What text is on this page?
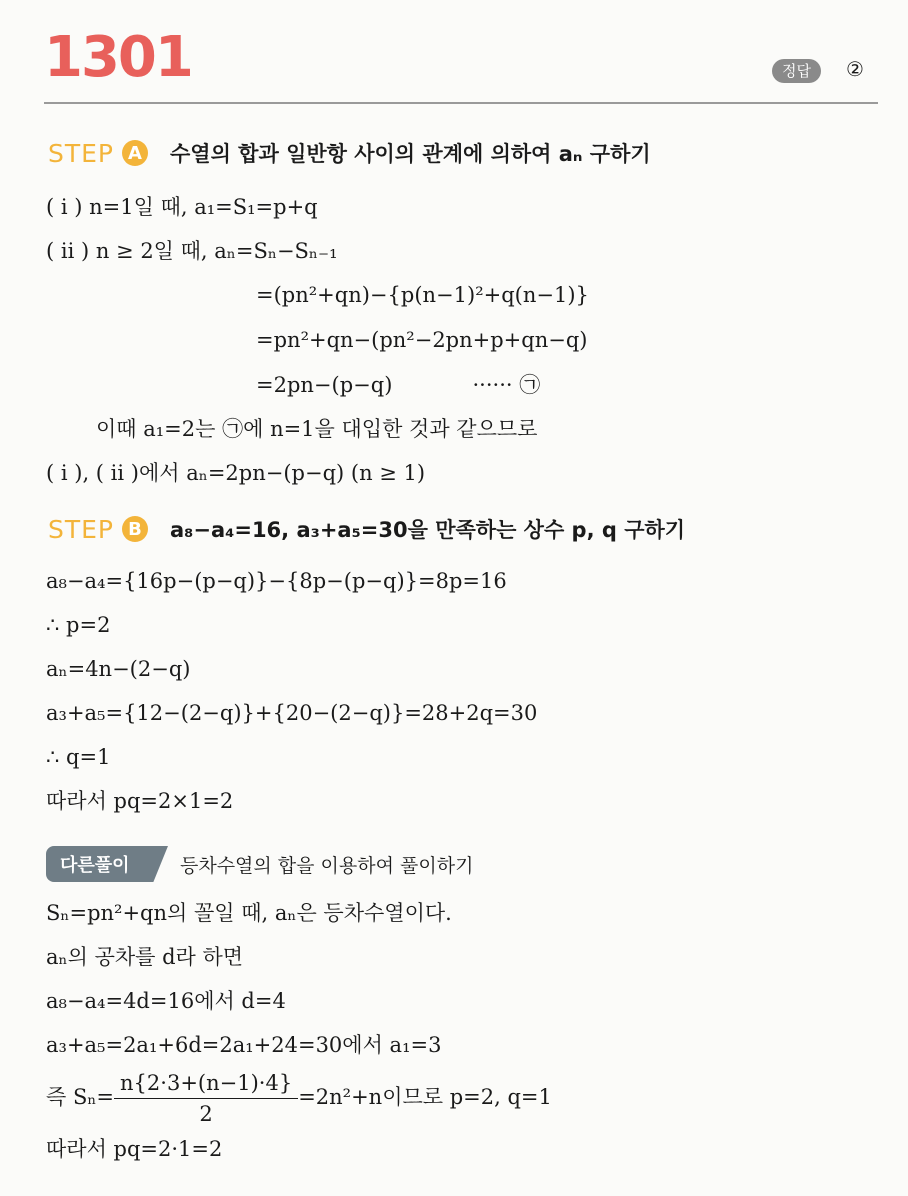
1301	정답	②
STEP A 수열의 합과 일반항 사이의 관계에 의하여 aₙ 구하기
( i ) n=1일 때, a₁=S₁=p+q
( ii ) n ≥ 2일 때, aₙ=Sₙ−Sₙ₋₁
=(pn²+qn)−{p(n−1)²+q(n−1)}
=pn²+qn−(pn²−2pn+p+qn−q)
=2pn−(p−q)            ······ ㉠
이때 a₁=2는 ㉠에 n=1을 대입한 것과 같으므로
( i ), ( ii )에서 aₙ=2pn−(p−q) (n ≥ 1)
STEP B a₈−a₄=16, a₃+a₅=30을 만족하는 상수 p, q 구하기
a₈−a₄={16p−(p−q)}−{8p−(p−q)}=8p=16
∴ p=2
aₙ=4n−(2−q)
a₃+a₅={12−(2−q)}+{20−(2−q)}=28+2q=30
∴ q=1
따라서 pq=2×1=2
다른풀이	등차수열의 합을 이용하여 풀이하기
Sₙ=pn²+qn의 꼴일 때, aₙ은 등차수열이다.
aₙ의 공차를 d라 하면
a₈−a₄=4d=16에서 d=4
a₃+a₅=2a₁+6d=2a₁+24=30에서 a₁=3
즉 $S_n= \frac{n\{2\cdot 3+(n-1)\cdot 4\}}{2} =2n^2+n$이므로 p=2, q=1
따라서 pq=2·1=2
